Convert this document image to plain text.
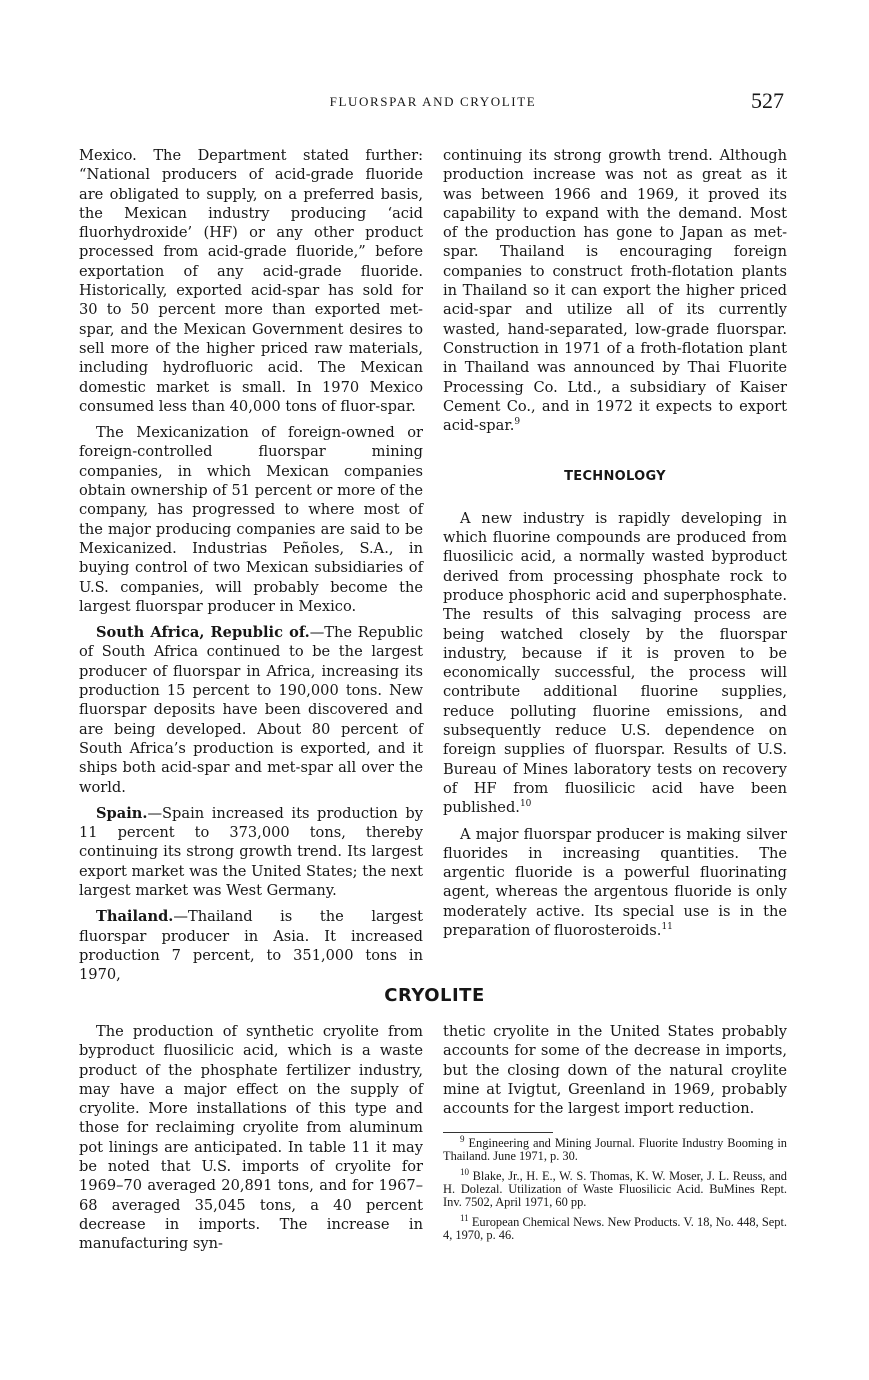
FLUORSPAR AND CRYOLITE	527

Mexico. The Department stated further: “National producers of acid-grade fluoride are obligated to supply, on a preferred basis, the Mexican industry producing ‘acid fluorhydroxide’ (HF) or any other product processed from acid-grade fluoride,” before exportation of any acid-grade fluoride. Historically, exported acid-spar has sold for 30 to 50 percent more than exported met-spar, and the Mexican Government desires to sell more of the higher priced raw materials, including hydrofluoric acid. The Mexican domestic market is small. In 1970 Mexico consumed less than 40,000 tons of fluor-spar.

The Mexicanization of foreign-owned or foreign-controlled fluorspar mining companies, in which Mexican companies obtain ownership of 51 percent or more of the company, has progressed to where most of the major producing companies are said to be Mexicanized. Industrias Peñoles, S.A., in buying control of two Mexican subsidiaries of U.S. companies, will probably become the largest fluorspar producer in Mexico.

South Africa, Republic of.—The Republic of South Africa continued to be the largest producer of fluorspar in Africa, increasing its production 15 percent to 190,000 tons. New fluorspar deposits have been discovered and are being developed. About 80 percent of South Africa’s production is exported, and it ships both acid-spar and met-spar all over the world.

Spain.—Spain increased its production by 11 percent to 373,000 tons, thereby continuing its strong growth trend. Its largest export market was the United States; the next largest market was West Germany.

Thailand.—Thailand is the largest fluorspar producer in Asia. It increased production 7 percent, to 351,000 tons in 1970,

continuing its strong growth trend. Although production increase was not as great as it was between 1966 and 1969, it proved its capability to expand with the demand. Most of the production has gone to Japan as met-spar. Thailand is encouraging foreign companies to construct froth-flotation plants in Thailand so it can export the higher priced acid-spar and utilize all of its currently wasted, hand-separated, low-grade fluorspar. Construction in 1971 of a froth-flotation plant in Thailand was announced by Thai Fluorite Processing Co. Ltd., a subsidiary of Kaiser Cement Co., and in 1972 it expects to export acid-spar.$^9$

TECHNOLOGY

A new industry is rapidly developing in which fluorine compounds are produced from fluosilicic acid, a normally wasted byproduct derived from processing phosphate rock to produce phosphoric acid and superphosphate. The results of this salvaging process are being watched closely by the fluorspar industry, because if it is proven to be economically successful, the process will contribute additional fluorine supplies, reduce polluting fluorine emissions, and subsequently reduce U.S. dependence on foreign supplies of fluorspar. Results of U.S. Bureau of Mines laboratory tests on recovery of HF from fluosilicic acid have been published.$^{10}$

A major fluorspar producer is making silver fluorides in increasing quantities. The argentic fluoride is a powerful fluorinating agent, whereas the argentous fluoride is only moderately active. Its special use is in the preparation of fluorosteroids.$^{11}$

CRYOLITE

The production of synthetic cryolite from byproduct fluosilicic acid, which is a waste product of the phosphate fertilizer industry, may have a major effect on the supply of cryolite. More installations of this type and those for reclaiming cryolite from aluminum pot linings are anticipated. In table 11 it may be noted that U.S. imports of cryolite for 1969–70 averaged 20,891 tons, and for 1967–68 averaged 35,045 tons, a 40 percent decrease in imports. The increase in manufacturing syn-

thetic cryolite in the United States probably accounts for some of the decrease in imports, but the closing down of the natural croylite mine at Ivigtut, Greenland in 1969, probably accounts for the largest import reduction.

$^9$ Engineering and Mining Journal. Fluorite Industry Booming in Thailand. June 1971, p. 30.

$^{10}$ Blake, Jr., H. E., W. S. Thomas, K. W. Moser, J. L. Reuss, and H. Dolezal. Utilization of Waste Fluosilicic Acid. BuMines Rept. Inv. 7502, April 1971, 60 pp.

$^{11}$ European Chemical News. New Products. V. 18, No. 448, Sept. 4, 1970, p. 46.
